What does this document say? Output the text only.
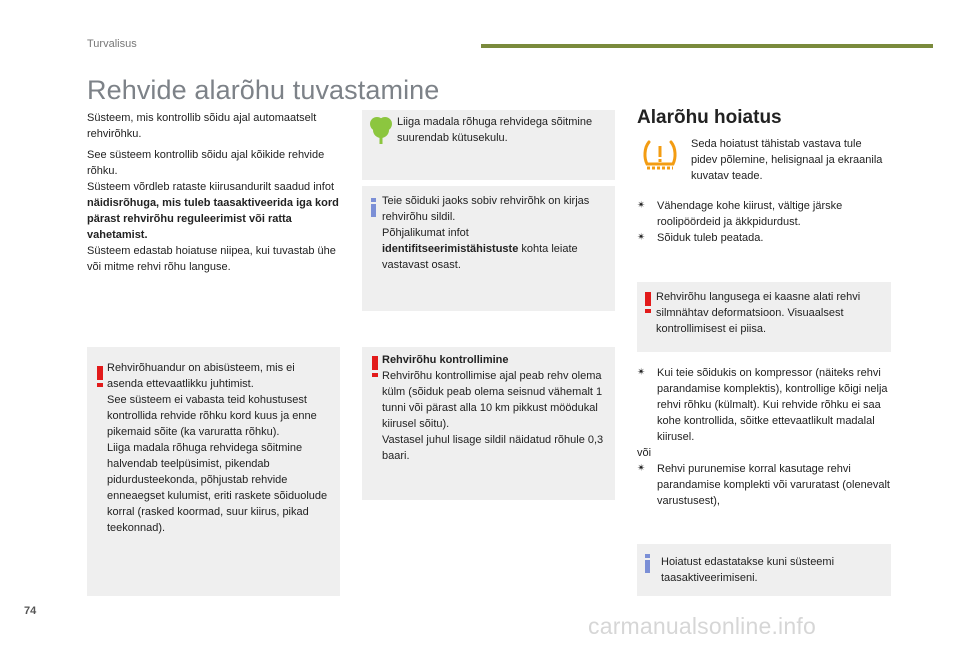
Turvalisus
Rehvide alarõhu tuvastamine

Süsteem, mis kontrollib sõidu ajal automaatselt rehvirõhku.

See süsteem kontrollib sõidu ajal kõikide rehvide rõhku.

Süsteem võrdleb rataste kiirusandurilt saadud infot näidisrõhuga, mis tuleb taasaktiveerida iga kord pärast rehvirõhu reguleerimist või ratta vahetamist.

Süsteem edastab hoiatuse niipea, kui tuvastab ühe või mitme rehvi rõhu languse.

Rehvirõhuandur on abisüsteem, mis ei asenda ettevaatlikku juhtimist.
See süsteem ei vabasta teid kohustusest kontrollida rehvide rõhku kord kuus ja enne pikemaid sõite (ka varuratta rõhku).
Liiga madala rõhuga rehvidega sõitmine halvendab teelpüsimist, pikendab pidurdusteekonda, põhjustab rehvide enneaegset kulumist, eriti raskete sõiduolude korral (rasked koormad, suur kiirus, pikad teekonnad).
Liiga madala rõhuga rehvidega sõitmine suurendab kütusekulu.

Teie sõiduki jaoks sobiv rehvirõhk on kirjas rehvirõhu sildil.

Põhjalikumat infot

identifitseerimistähistuste kohta leiate vastavast osast.

Rehvirõhu kontrollimine

Rehvirõhu kontrollimise ajal peab rehv olema külm (sõiduk peab olema seisnud vähemalt 1 tunni või pärast alla 10 km pikkust möödukal kiirusel sõitu).
Vastasel juhul lisage sildil näidatud rõhule 0,3 baari.

Alarõhu hoiatus
Seda hoiatust tähistab vastava tule pidev põlemine, helisignaal ja ekraanila kuvatav teade.
✴ Vähendage kohe kiirust, vältige järske roolipöördeid ja äkkpidurdust.
✴ Sõiduk tuleb peatada.
Rehvirõhu langusega ei kaasne alati rehvi silmnähtav deformatsioon. Visuaalsest kontrollimisest ei piisa.
✴ Kui teie sõidukis on kompressor (näiteks rehvi parandamise komplektis), kontrollige kõigi nelja rehvi rõhku (külmalt). Kui rehvide rõhku ei saa kohe kontrollida, sõitke ettevaatlikult madalal kiirusel.

või

✴ Rehvi purunemise korral kasutage rehvi parandamise komplekti või varuratast (olenevalt varustusest),
Hoiatust edastatakse kuni süsteemi taasaktiveerimiseni.
74
carmanualsonline.info
